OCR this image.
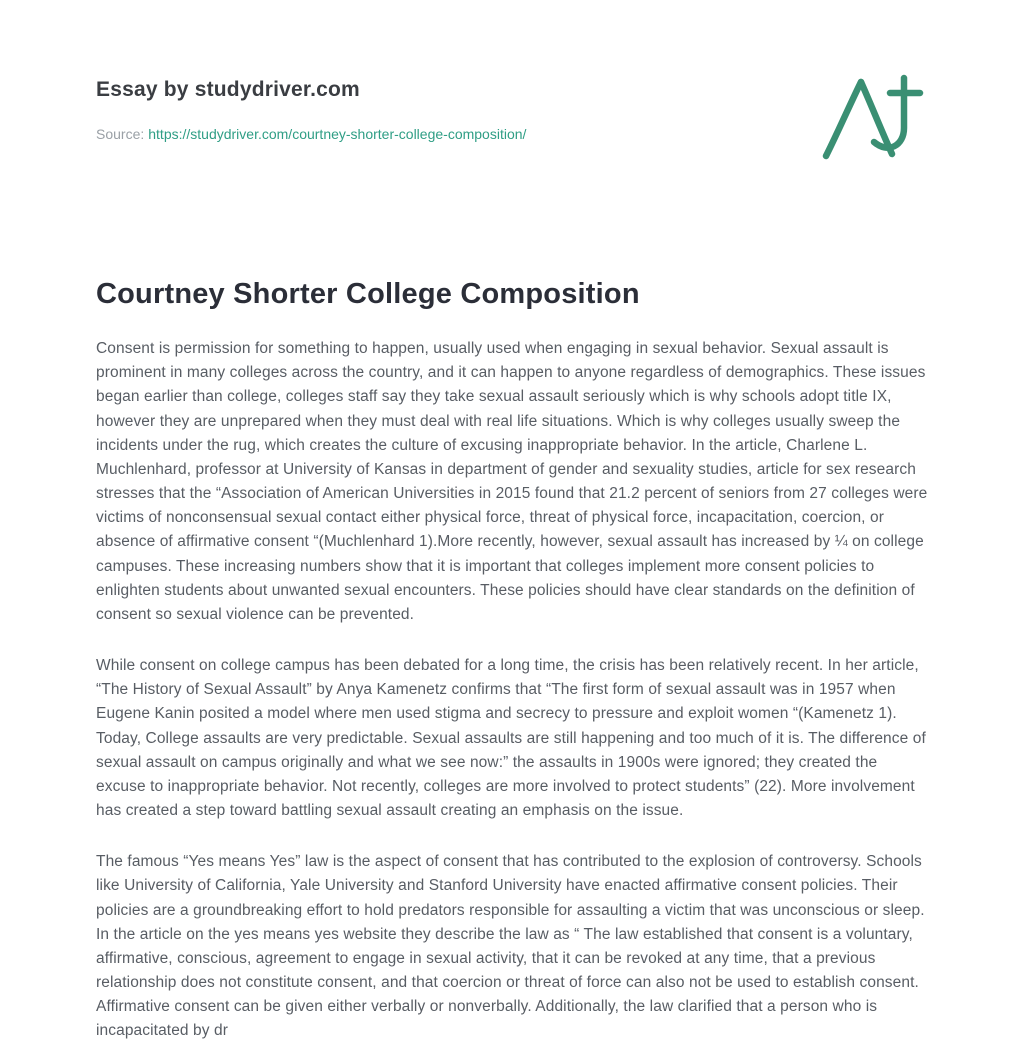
Essay by studydriver.com

Source: https://studydriver.com/courtney-shorter-college-composition/

Courtney Shorter College Composition

Consent is permission for something to happen, usually used when engaging in sexual behavior. Sexual assault is prominent in many colleges across the country, and it can happen to anyone regardless of demographics. These issues began earlier than college, colleges staff say they take sexual assault seriously which is why schools adopt title IX, however they are unprepared when they must deal with real life situations. Which is why colleges usually sweep the incidents under the rug, which creates the culture of excusing inappropriate behavior. In the article, Charlene L. Muchlenhard, professor at University of Kansas in department of gender and sexuality studies, article for sex research stresses that the “Association of American Universities in 2015 found that 21.2 percent of seniors from 27 colleges were victims of nonconsensual sexual contact either physical force, threat of physical force, incapacitation, coercion, or absence of affirmative consent “(Muchlenhard 1).More recently, however, sexual assault has increased by ¼ on college campuses. These increasing numbers show that it is important that colleges implement more consent policies to enlighten students about unwanted sexual encounters. These policies should have clear standards on the definition of consent so sexual violence can be prevented.

While consent on college campus has been debated for a long time, the crisis has been relatively recent. In her article, “The History of Sexual Assault” by Anya Kamenetz confirms that “The first form of sexual assault was in 1957 when Eugene Kanin posited a model where men used stigma and secrecy to pressure and exploit women “(Kamenetz 1). Today, College assaults are very predictable. Sexual assaults are still happening and too much of it is. The difference of sexual assault on campus originally and what we see now:” the assaults in 1900s were ignored; they created the excuse to inappropriate behavior. Not recently, colleges are more involved to protect students” (22). More involvement has created a step toward battling sexual assault creating an emphasis on the issue.

The famous “Yes means Yes” law is the aspect of consent that has contributed to the explosion of controversy. Schools like University of California, Yale University and Stanford University have enacted affirmative consent policies. Their policies are a groundbreaking effort to hold predators responsible for assaulting a victim that was unconscious or sleep. In the article on the yes means yes website they describe the law as “ The law established that consent is a voluntary, affirmative, conscious, agreement to engage in sexual activity, that it can be revoked at any time, that a previous relationship does not constitute consent, and that coercion or threat of force can also not be used to establish consent. Affirmative consent can be given either verbally or nonverbally. Additionally, the law clarified that a person who is incapacitated by dr
